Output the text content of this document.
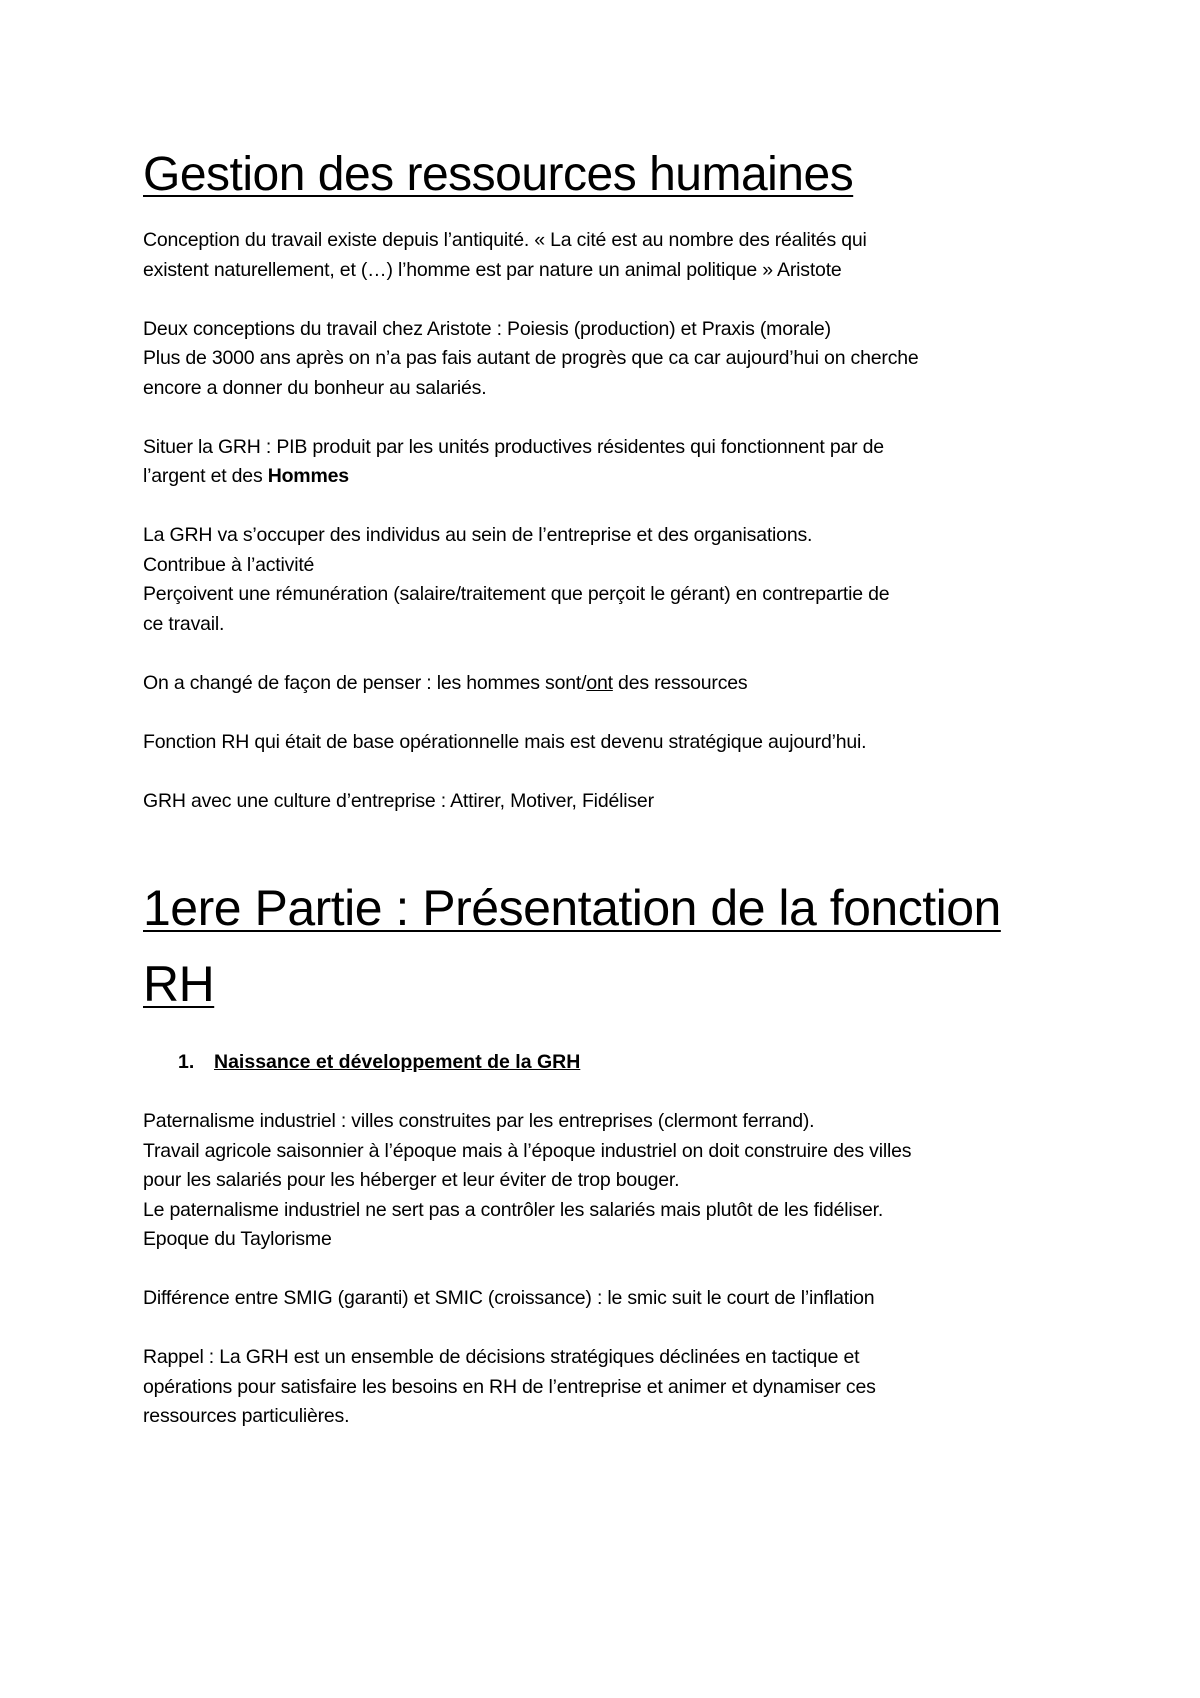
Gestion des ressources humaines

Conception du travail existe depuis l’antiquité. « La cité est au nombre des réalités qui

existent naturellement, et (…) l’homme est par nature un animal politique » Aristote

Deux conceptions du travail chez Aristote : Poiesis (production) et Praxis (morale)

Plus de 3000 ans après on n’a pas fais autant de progrès que ca car aujourd’hui on cherche

encore a donner du bonheur au salariés.

Situer la GRH : PIB produit par les unités productives résidentes qui fonctionnent par de

l’argent et des Hommes

La GRH va s’occuper des individus au sein de l’entreprise et des organisations.

Contribue à l’activité

Perçoivent une rémunération (salaire/traitement que perçoit le gérant) en contrepartie de

ce travail.

On a changé de façon de penser : les hommes sont/ont des ressources

Fonction RH qui était de base opérationnelle mais est devenu stratégique aujourd’hui.

GRH avec une culture d’entreprise : Attirer, Motiver, Fidéliser

1ere Partie : Présentation de la fonction
RH
1.	Naissance et développement de la GRH

Paternalisme industriel : villes construites par les entreprises (clermont ferrand).

Travail agricole saisonnier à l’époque mais à l’époque industriel on doit construire des villes

pour les salariés pour les héberger et leur éviter de trop bouger.

Le paternalisme industriel ne sert pas a contrôler les salariés mais plutôt de les fidéliser.

Epoque du Taylorisme

Différence entre SMIG (garanti) et SMIC (croissance) : le smic suit le court de l’inflation

Rappel : La GRH est un ensemble de décisions stratégiques déclinées en tactique et

opérations pour satisfaire les besoins en RH de l’entreprise et animer et dynamiser ces

ressources particulières.
